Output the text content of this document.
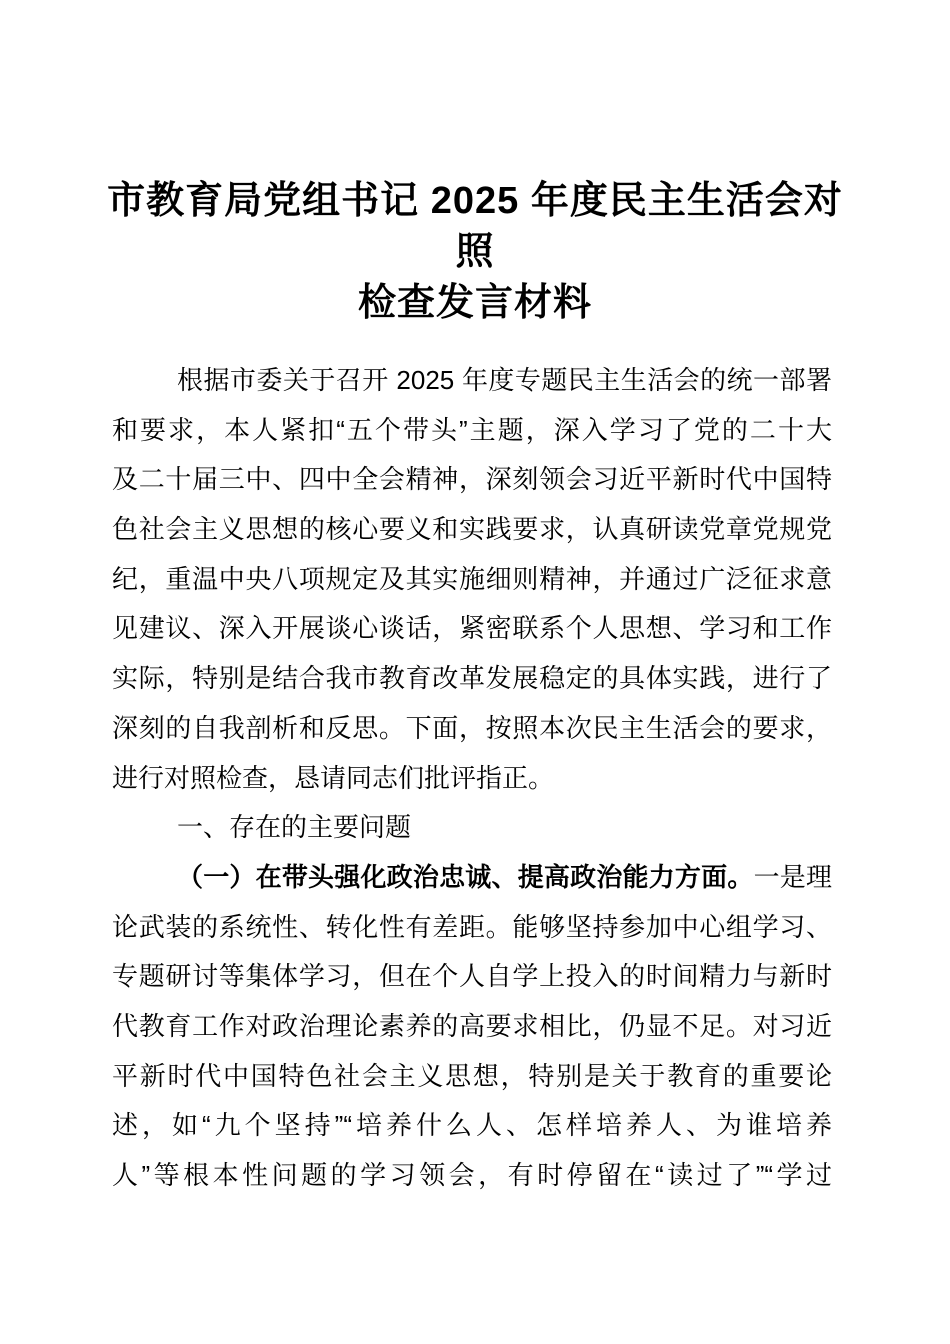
市教育局党组书记 2025 年度民主生活会对照
检查发言材料
根据市委关于召开 2025 年度专题民主生活会的统一部署
和要求，本人紧扣“五个带头”主题，深入学习了党的二十大
及二十届三中、四中全会精神，深刻领会习近平新时代中国特
色社会主义思想的核心要义和实践要求，认真研读党章党规党
纪，重温中央八项规定及其实施细则精神，并通过广泛征求意
见建议、深入开展谈心谈话，紧密联系个人思想、学习和工作
实际，特别是结合我市教育改革发展稳定的具体实践，进行了
深刻的自我剖析和反思。下面，按照本次民主生活会的要求，
进行对照检查，恳请同志们批评指正。
一、存在的主要问题
（一）在带头强化政治忠诚、提高政治能力方面。一是理
论武装的系统性、转化性有差距。能够坚持参加中心组学习、
专题研讨等集体学习，但在个人自学上投入的时间精力与新时
代教育工作对政治理论素养的高要求相比，仍显不足。对习近
平新时代中国特色社会主义思想，特别是关于教育的重要论
述，如“九个坚持”“培养什么人、怎样培养人、为谁培养
人”等根本性问题的学习领会，有时停留在“读过了”“学过
